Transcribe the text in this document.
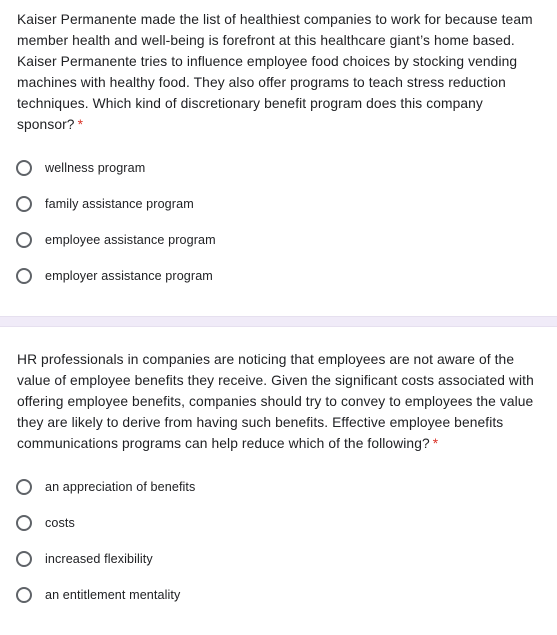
Kaiser Permanente made the list of healthiest companies to work for because team member health and well-being is forefront at this healthcare giant’s home based. Kaiser Permanente tries to influence employee food choices by stocking vending machines with healthy food. They also offer programs to teach stress reduction techniques. Which kind of discretionary benefit program does this company sponsor? *
wellness program
family assistance program
employee assistance program
employer assistance program
HR professionals in companies are noticing that employees are not aware of the value of employee benefits they receive. Given the significant costs associated with offering employee benefits, companies should try to convey to employees the value they are likely to derive from having such benefits. Effective employee benefits communications programs can help reduce which of the following? *
an appreciation of benefits
costs
increased flexibility
an entitlement mentality
